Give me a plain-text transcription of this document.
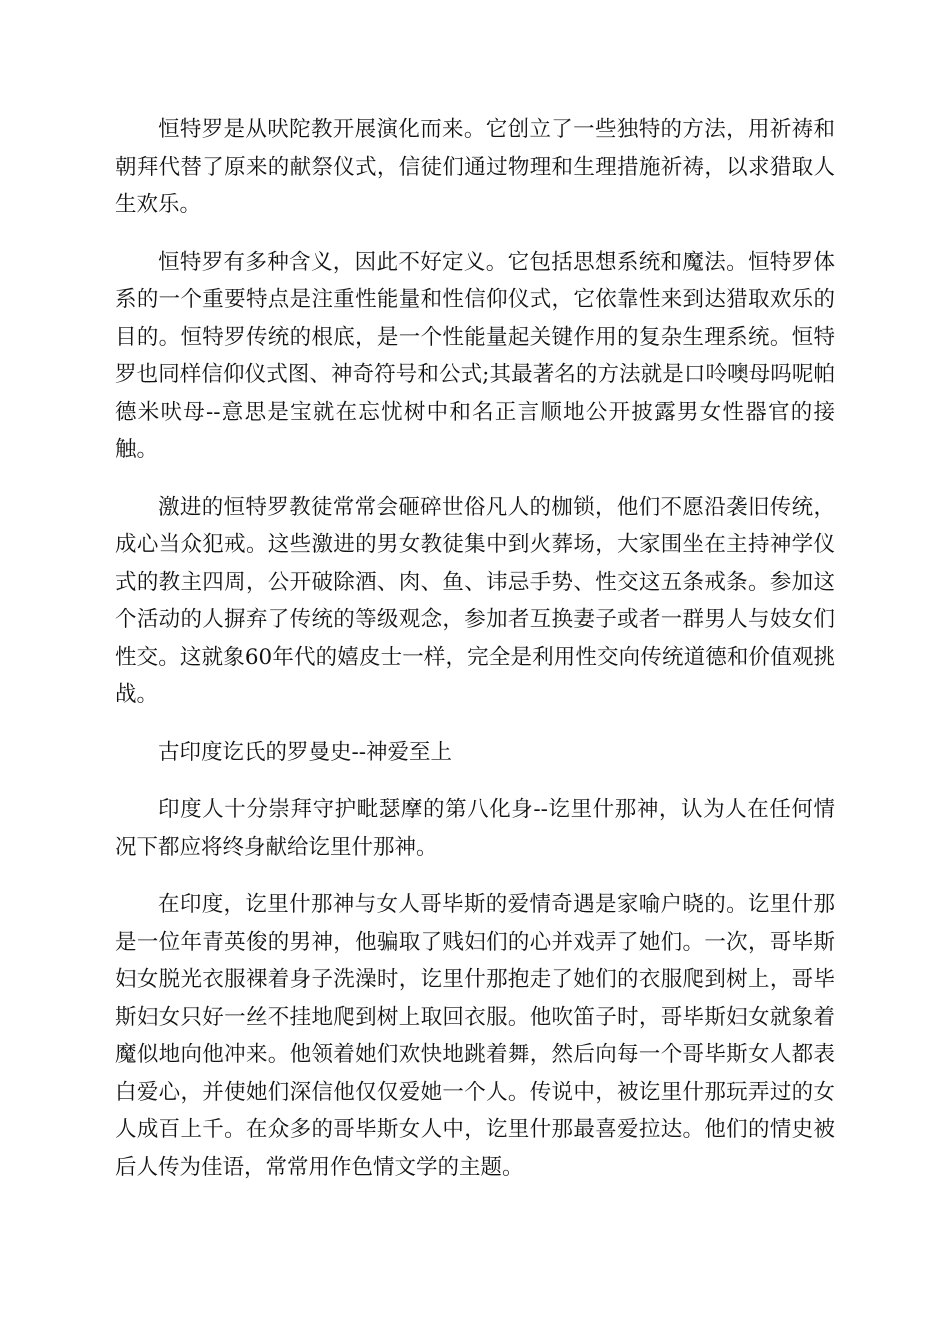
恒特罗是从吠陀教开展演化而来。它创立了一些独特的方法，用祈祷和朝拜代替了原来的献祭仪式，信徒们通过物理和生理措施祈祷，以求猎取人生欢乐。

恒特罗有多种含义，因此不好定义。它包括思想系统和魔法。恒特罗体系的一个重要特点是注重性能量和性信仰仪式，它依靠性来到达猎取欢乐的目的。恒特罗传统的根底，是一个性能量起关键作用的复杂生理系统。恒特罗也同样信仰仪式图、神奇符号和公式;其最著名的方法就是口呤噢母吗呢帕德米吠母--意思是宝就在忘忧树中和名正言顺地公开披露男女性器官的接触。

激进的恒特罗教徒常常会砸碎世俗凡人的枷锁，他们不愿沿袭旧传统，成心当众犯戒。这些激进的男女教徒集中到火葬场，大家围坐在主持神学仪式的教主四周，公开破除酒、肉、鱼、讳忌手势、性交这五条戒条。参加这个活动的人摒弃了传统的等级观念，参加者互换妻子或者一群男人与妓女们性交。这就象60年代的嬉皮士一样，完全是利用性交向传统道德和价值观挑战。

古印度讫氏的罗曼史--神爱至上

印度人十分崇拜守护毗瑟摩的第八化身--讫里什那神，认为人在任何情况下都应将终身献给讫里什那神。

在印度，讫里什那神与女人哥毕斯的爱情奇遇是家喻户晓的。讫里什那是一位年青英俊的男神，他骗取了贱妇们的心并戏弄了她们。一次，哥毕斯妇女脱光衣服裸着身子洗澡时，讫里什那抱走了她们的衣服爬到树上，哥毕斯妇女只好一丝不挂地爬到树上取回衣服。他吹笛子时，哥毕斯妇女就象着魔似地向他冲来。他领着她们欢快地跳着舞，然后向每一个哥毕斯女人都表白爱心，并使她们深信他仅仅爱她一个人。传说中，被讫里什那玩弄过的女人成百上千。在众多的哥毕斯女人中，讫里什那最喜爱拉达。他们的情史被后人传为佳语，常常用作色情文学的主题。
